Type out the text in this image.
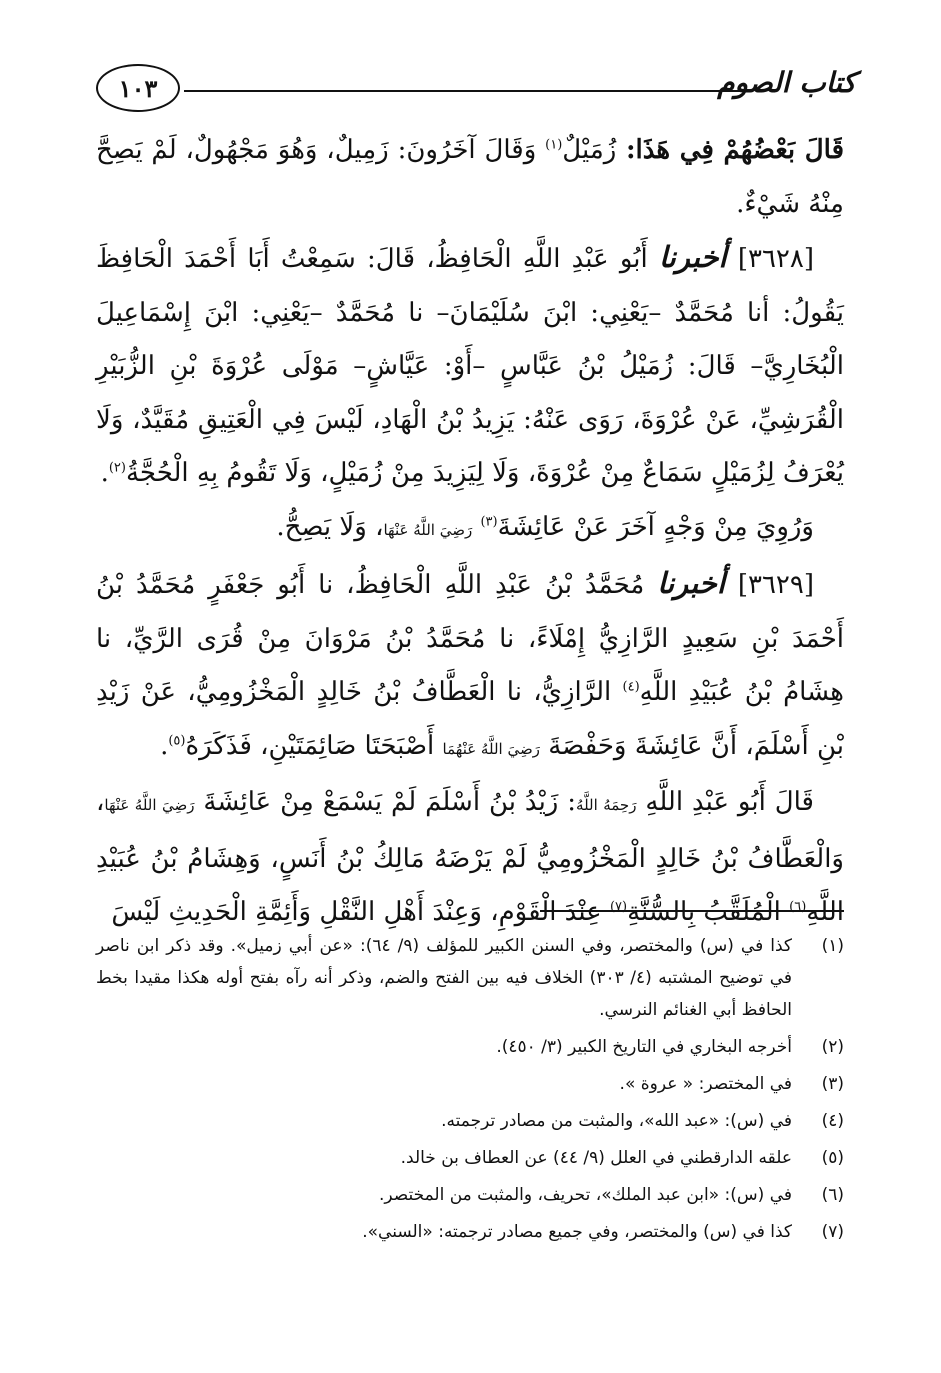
كتاب الصوم
١٠٣

قَالَ بَعْضُهُمْ فِي هَذَا: زُمَيْلٌ$^{(١)}$ وَقَالَ آخَرُونَ: زَمِيلٌ، وَهُوَ مَجْهُولٌ، لَمْ يَصِحَّ مِنْهُ شَيْءٌ.

[٣٦٢٨] أخبرنا أَبُو عَبْدِ اللَّهِ الْحَافِظُ، قَالَ: سَمِعْتُ أَبَا أَحْمَدَ الْحَافِظَ يَقُولُ: أنا مُحَمَّدٌ –يَعْنِي: ابْنَ سُلَيْمَانَ– نا مُحَمَّدٌ –يَعْنِي: ابْنَ إِسْمَاعِيلَ الْبُخَارِيَّ– قَالَ: زُمَيْلُ بْنُ عَبَّاسٍ –أَوْ: عَيَّاشٍ– مَوْلَى عُرْوَةَ بْنِ الزُّبَيْرِ الْقُرَشِيِّ، عَنْ عُرْوَةَ، رَوَى عَنْهُ: يَزِيدُ بْنُ الْهَادِ، لَيْسَ فِي الْعَتِيقِ مُقَيَّدٌ، وَلَا يُعْرَفُ لِزُمَيْلٍ سَمَاعٌ مِنْ عُرْوَةَ، وَلَا لِيَزِيدَ مِنْ زُمَيْلٍ، وَلَا تَقُومُ بِهِ الْحُجَّةُ$^{(٢)}$.

وَرُوِيَ مِنْ وَجْهٍ آخَرَ عَنْ عَائِشَةَ$^{(٣)}$ رَضِيَ اللَّهُ عَنْهَا، وَلَا يَصِحُّ.

[٣٦٢٩] أخبرنا مُحَمَّدُ بْنُ عَبْدِ اللَّهِ الْحَافِظُ، نا أَبُو جَعْفَرٍ مُحَمَّدُ بْنُ أَحْمَدَ بْنِ سَعِيدٍ الرَّازِيُّ إِمْلَاءً، نا مُحَمَّدُ بْنُ مَرْوَانَ مِنْ قُرَى الرَّيِّ، نا هِشَامُ بْنُ عُبَيْدِ اللَّهِ$^{(٤)}$ الرَّازِيُّ، نا الْعَطَّافُ بْنُ خَالِدٍ الْمَخْزُومِيُّ، عَنْ زَيْدِ بْنِ أَسْلَمَ، أَنَّ عَائِشَةَ وَحَفْصَةَ رَضِيَ اللَّهُ عَنْهُمَا أَصْبَحَتَا صَائِمَتَيْنِ، فَذَكَرَهُ$^{(٥)}$.

قَالَ أَبُو عَبْدِ اللَّهِ رَحِمَهُ اللَّهُ: زَيْدُ بْنُ أَسْلَمَ لَمْ يَسْمَعْ مِنْ عَائِشَةَ رَضِيَ اللَّهُ عَنْهَا، وَالْعَطَّافُ بْنُ خَالِدٍ الْمَخْزُومِيُّ لَمْ يَرْضَهُ مَالِكُ بْنُ أَنَسٍ، وَهِشَامُ بْنُ عُبَيْدِ اللَّهِ$^{(٦)}$ الْمُلَقَّبُ بِالسُّنَّةِ$^{(٧)}$ عِنْدَ الْقَوْمِ، وَعِنْدَ أَهْلِ النَّقْلِ وَأَئِمَّةِ الْحَدِيثِ لَيْسَ

(١)
كذا في (س) والمختصر، وفي السنن الكبير للمؤلف (٩/ ٦٤): «عن أبي زميل». وقد ذكر ابن ناصر في توضيح المشتبه (٤/ ٣٠٣) الخلاف فيه بين الفتح والضم، وذكر أنه رآه بفتح أوله هكذا مقيدا بخط الحافظ أبي الغنائم النرسي.
(٢)
أخرجه البخاري في التاريخ الكبير (٣/ ٤٥٠).
(٣)
في المختصر: « عروة ».
(٤)
في (س): «عبد الله»، والمثبت من مصادر ترجمته.
(٥)
علقه الدارقطني في العلل (٩/ ٤٤) عن العطاف بن خالد.
(٦)
في (س): «ابن عبد الملك»، تحريف، والمثبت من المختصر.
(٧)
كذا في (س) والمختصر، وفي جميع مصادر ترجمته: «السني».
